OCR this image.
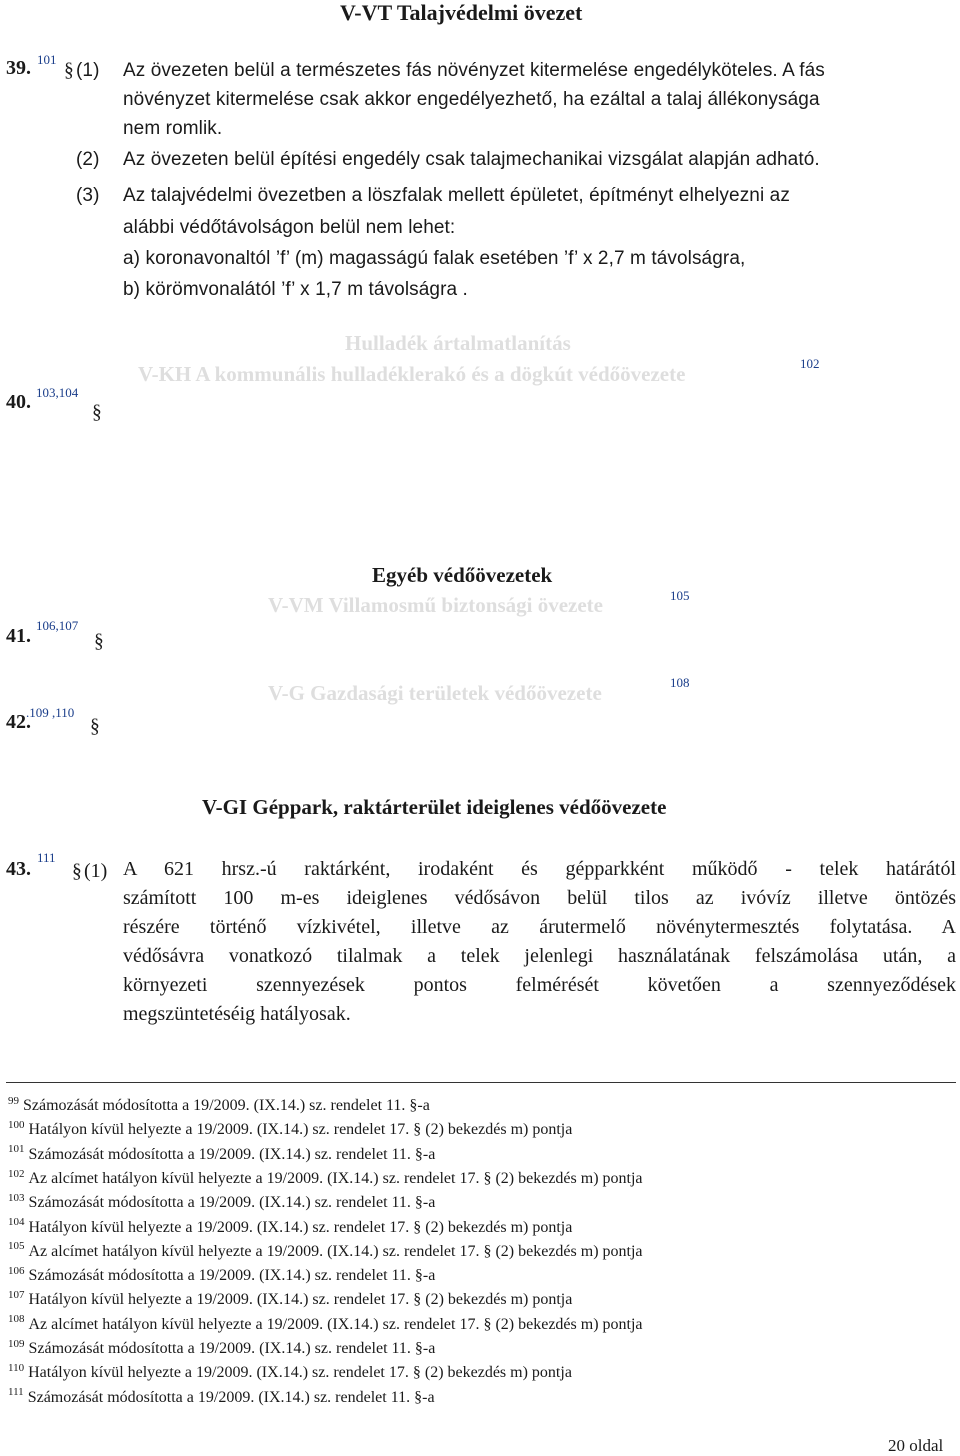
V-VT Talajvédelmi övezet
39. 101
§ (1) Az övezeten belül a természetes fás növényzet kitermelése engedélyköteles. A fás
növényzet kitermelése csak akkor engedélyezhető, ha ezáltal a talaj állékonysága
nem romlik.
(2) Az övezeten belül építési engedély csak talajmechanikai vizsgálat alapján adható.
(3) Az talajvédelmi övezetben a löszfalak mellett épületet, építményt elhelyezni az
alábbi védőtávolságon belül nem lehet:
a) koronavonaltól ’f’ (m) magasságú falak esetében ’f’ x 2,7 m távolságra,
b) körömvonalától ’f’ x 1,7 m távolságra .
Hulladék ártalmatlanítás
V-KH A kommunális hulladéklerakó és a dögkút védőövezete	102
40. 103,104
§
Egyéb védőövezetek
V-VM Villamosmű biztonsági övezete	105
41. 106,107
§
V-G Gazdasági területek védőövezete	108
42.
.109 ,110
§
V-GI Géppark, raktárterület ideiglenes védőövezete
43.
111
§ (1) A 621 hrsz.-ú raktárként, irodaként és gépparkként működő - telek határától
számított 100 m-es ideiglenes védősávon belül tilos az ivóvíz illetve öntözés
részére történő vízkivétel, illetve az árutermelő növénytermesztés folytatása. A
védősávra vonatkozó tilalmak a telek jelenlegi használatának felszámolása után, a
környezeti szennyezések pontos felmérését követően a szennyeződések
megszüntetéséig hatályosak.
$^{99}$ Számozását módosította a 19/2009. (IX.14.) sz. rendelet 11. §-a
$^{100}$ Hatályon kívül helyezte a 19/2009. (IX.14.) sz. rendelet 17. § (2) bekezdés m) pontja
$^{101}$ Számozását módosította a 19/2009. (IX.14.) sz. rendelet 11. §-a
$^{102}$ Az alcímet hatályon kívül helyezte a 19/2009. (IX.14.) sz. rendelet 17. § (2) bekezdés m) pontja
$^{103}$ Számozását módosította a 19/2009. (IX.14.) sz. rendelet 11. §-a
$^{104}$ Hatályon kívül helyezte a 19/2009. (IX.14.) sz. rendelet 17. § (2) bekezdés m) pontja
$^{105}$ Az alcímet hatályon kívül helyezte a 19/2009. (IX.14.) sz. rendelet 17. § (2) bekezdés m) pontja
$^{106}$ Számozását módosította a 19/2009. (IX.14.) sz. rendelet 11. §-a
$^{107}$ Hatályon kívül helyezte a 19/2009. (IX.14.) sz. rendelet 17. § (2) bekezdés m) pontja
$^{108}$ Az alcímet hatályon kívül helyezte a 19/2009. (IX.14.) sz. rendelet 17. § (2) bekezdés m) pontja
$^{109}$ Számozását módosította a 19/2009. (IX.14.) sz. rendelet 11. §-a
$^{110}$ Hatályon kívül helyezte a 19/2009. (IX.14.) sz. rendelet 17. § (2) bekezdés m) pontja
$^{111}$ Számozását módosította a 19/2009. (IX.14.) sz. rendelet 11. §-a
20 oldal
